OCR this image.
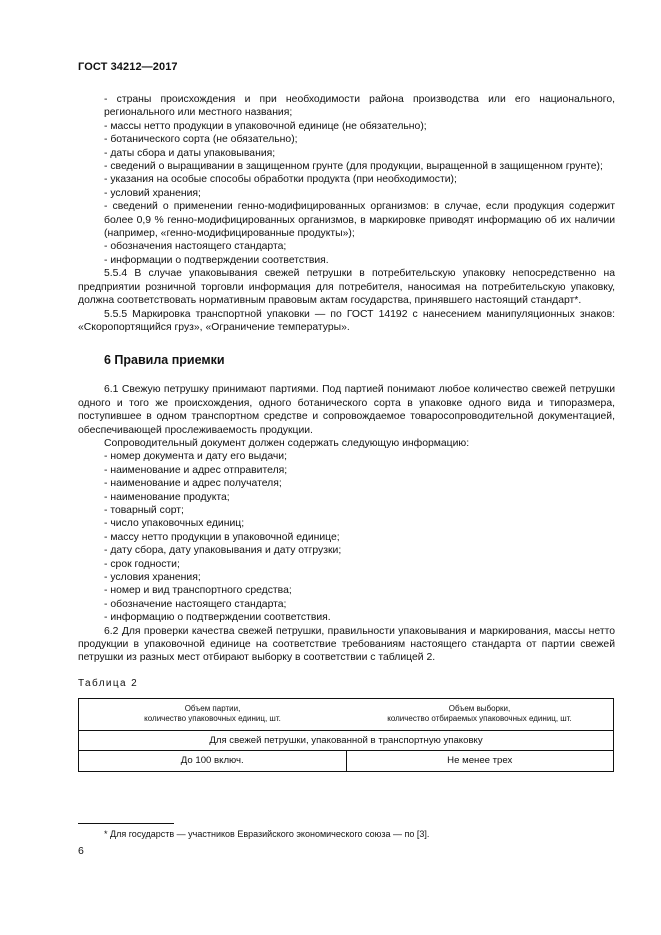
ГОСТ 34212—2017

- страны происхождения и при необходимости района производства или его национального, регионального или местного названия;

- массы нетто продукции в упаковочной единице (не обязательно);

- ботанического сорта (не обязательно);

- даты сбора и даты упаковывания;

- сведений о выращивании в защищенном грунте (для продукции, выращенной в защищенном грунте);

- указания на особые способы обработки продукта (при необходимости);

- условий хранения;

- сведений о применении генно-модифицированных организмов: в случае, если продукция содержит более 0,9 % генно-модифицированных организмов, в маркировке приводят информацию об их наличии (например, «генно-модифицированные продукты»);

- обозначения настоящего стандарта;

- информации о подтверждении соответствия.

5.5.4 В случае упаковывания свежей петрушки в потребительскую упаковку непосредственно на предприятии розничной торговли информация для потребителя, наносимая на потребительскую упаковку, должна соответствовать нормативным правовым актам государства, принявшего настоящий стандарт*.

5.5.5 Маркировка транспортной упаковки — по ГОСТ 14192 с нанесением манипуляционных знаков: «Скоропортящийся груз», «Ограничение температуры».

6 Правила приемки

6.1 Свежую петрушку принимают партиями. Под партией понимают любое количество свежей петрушки одного и того же происхождения, одного ботанического сорта в упаковке одного вида и типоразмера, поступившее в одном транспортном средстве и сопровождаемое товаросопроводительной документацией, обеспечивающей прослеживаемость продукции.

Сопроводительный документ должен содержать следующую информацию:

- номер документа и дату его выдачи;

- наименование и адрес отправителя;

- наименование и адрес получателя;

- наименование продукта;

- товарный сорт;

- число упаковочных единиц;

- массу нетто продукции в упаковочной единице;

- дату сбора, дату упаковывания и дату отгрузки;

- срок годности;

- условия хранения;

- номер и вид транспортного средства;

- обозначение настоящего стандарта;

- информацию о подтверждении соответствия.

6.2 Для проверки качества свежей петрушки, правильности упаковывания и маркирования, массы нетто продукции в упаковочной единице на соответствие требованиям настоящего стандарта от партии свежей петрушки из разных мест отбирают выборку в соответствии с таблицей 2.

Таблица 2
Объем партии,
количество упаковочных единиц, шт.	Объем выборки,
количество отбираемых упаковочных единиц, шт.
Для свежей петрушки, упакованной в транспортную упаковку	
До 100 включ.	Не менее трех
* Для государств — участников Евразийского экономического союза — по [3].
6
